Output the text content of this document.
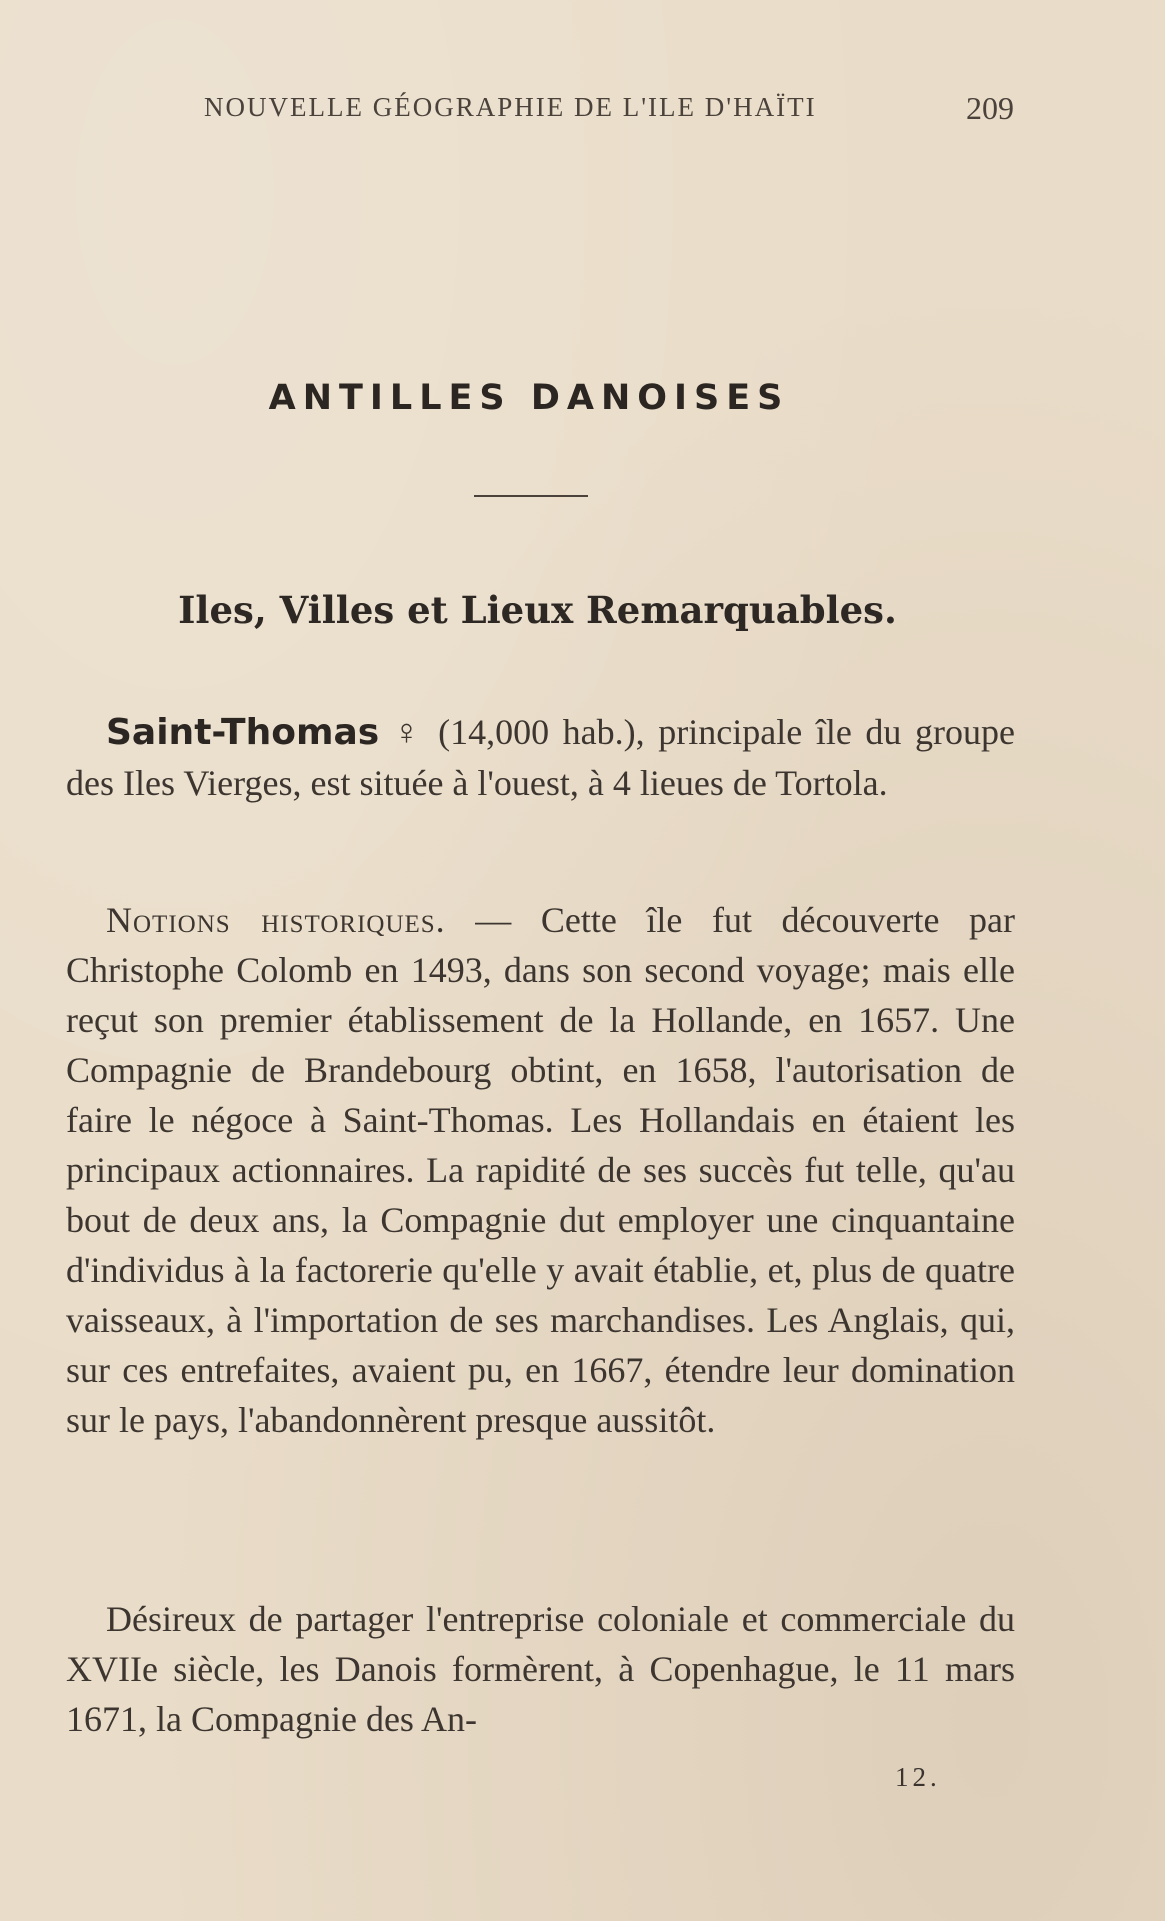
NOUVELLE GÉOGRAPHIE DE L'ILE D'HAÏTI	209
ANTILLES DANOISES
Iles, Villes et Lieux Remarquables.

Saint-Thomas ♀ (14,000 hab.), principale île du groupe des Iles Vierges, est située à l'ouest, à 4 lieues de Tortola.

Notions historiques. — Cette île fut découverte par Christophe Colomb en 1493, dans son second voyage; mais elle reçut son premier établissement de la Hollande, en 1657. Une Compagnie de Brandebourg obtint, en 1658, l'autorisation de faire le négoce à Saint-Thomas. Les Hollandais en étaient les principaux actionnaires. La rapidité de ses succès fut telle, qu'au bout de deux ans, la Compagnie dut employer une cinquantaine d'individus à la factorerie qu'elle y avait établie, et, plus de quatre vaisseaux, à l'importation de ses marchandises. Les Anglais, qui, sur ces entrefaites, avaient pu, en 1667, étendre leur domination sur le pays, l'abandonnèrent presque aussitôt.

Désireux de partager l'entreprise coloniale et commerciale du XVIIe siècle, les Danois formèrent, à Copenhague, le 11 mars 1671, la Compagnie des An-

12.
